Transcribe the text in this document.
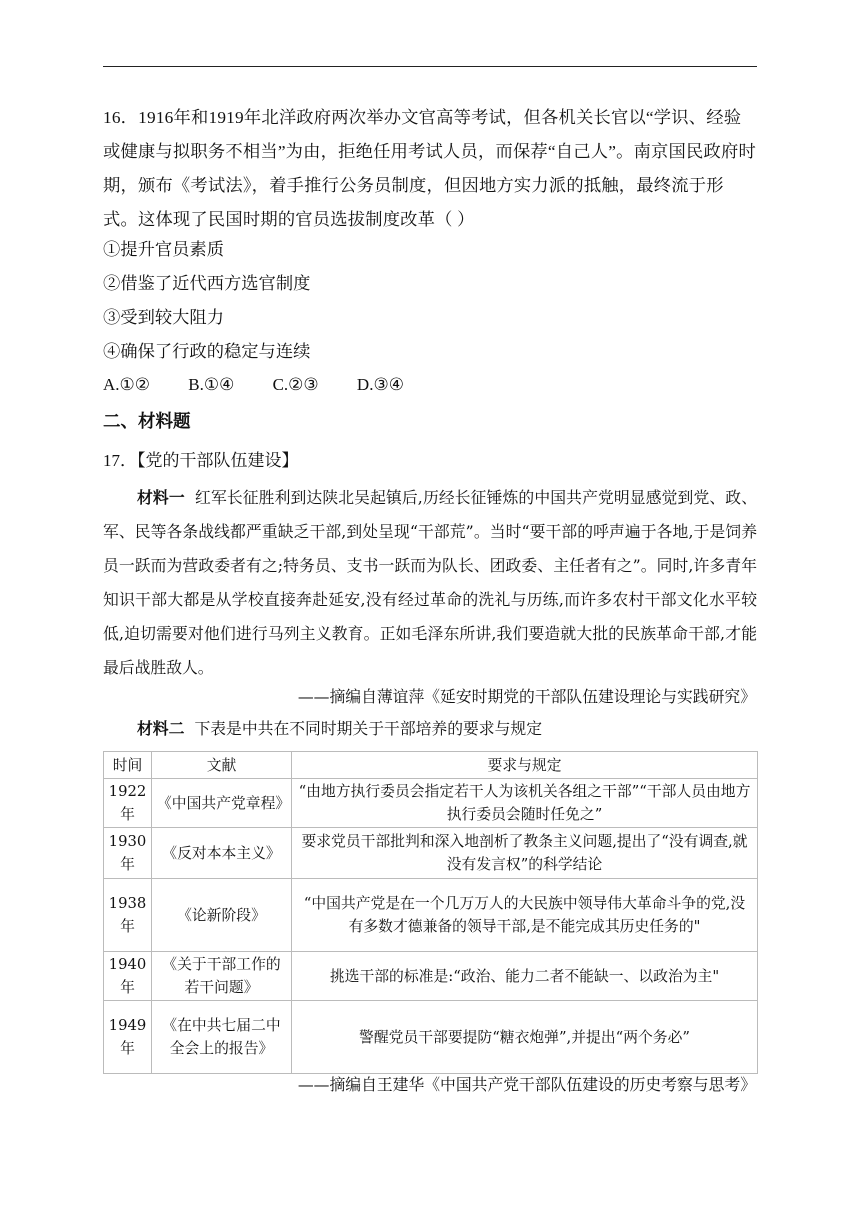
16．1916年和1919年北洋政府两次举办文官高等考试，但各机关长官以“学识、经验

或健康与拟职务不相当”为由，拒绝任用考试人员，而保荐“自己人”。南京国民政府时

期，颁布《考试法》，着手推行公务员制度，但因地方实力派的抵触，最终流于形

式。这体现了民国时期的官员选拔制度改革（ ）

①提升官员素质
②借鉴了近代西方选官制度
③受到较大阻力
④确保了行政的稳定与连续
A.①② B.①④ C.②③ D.③④
二、材料题
17．【党的干部队伍建设】
材料一 红军长征胜利到达陕北吴起镇后,历经长征锤炼的中国共产党明显感觉到党、政、军、民等各条战线都严重缺乏干部,到处呈现“干部荒”。当时“要干部的呼声遍于各地,于是饲养员一跃而为营政委者有之;特务员、支书一跃而为队长、团政委、主任者有之”。同时,许多青年知识干部大都是从学校直接奔赴延安,没有经过革命的洗礼与历练,而许多农村干部文化水平较低,迫切需要对他们进行马列主义教育。正如毛泽东所讲,我们要造就大批的民族革命干部,才能最后战胜敌人。
——摘编自薄谊萍《延安时期党的干部队伍建设理论与实践研究》
材料二 下表是中共在不同时期关于干部培养的要求与规定
时间	文献	要求与规定
1922年	《中国共产党章程》	“由地方执行委员会指定若干人为该机关各组之干部”“干部人员由地方执行委员会随时任免之”
1930年	《反对本本主义》	要求党员干部批判和深入地剖析了教条主义问题,提出了“没有调查,就没有发言权”的科学结论
1938年	《论新阶段》	“中国共产党是在一个几万万人的大民族中领导伟大革命斗争的党,没有多数才德兼备的领导干部,是不能完成其历史任务的"
1940年	《关于干部工作的若干问题》	挑选干部的标准是:“政治、能力二者不能缺一、以政治为主"
1949年	《在中共七届二中全会上的报告》	警醒党员干部要提防“糖衣炮弹”,并提出“两个务必”
——摘编自王建华《中国共产党干部队伍建设的历史考察与思考》
